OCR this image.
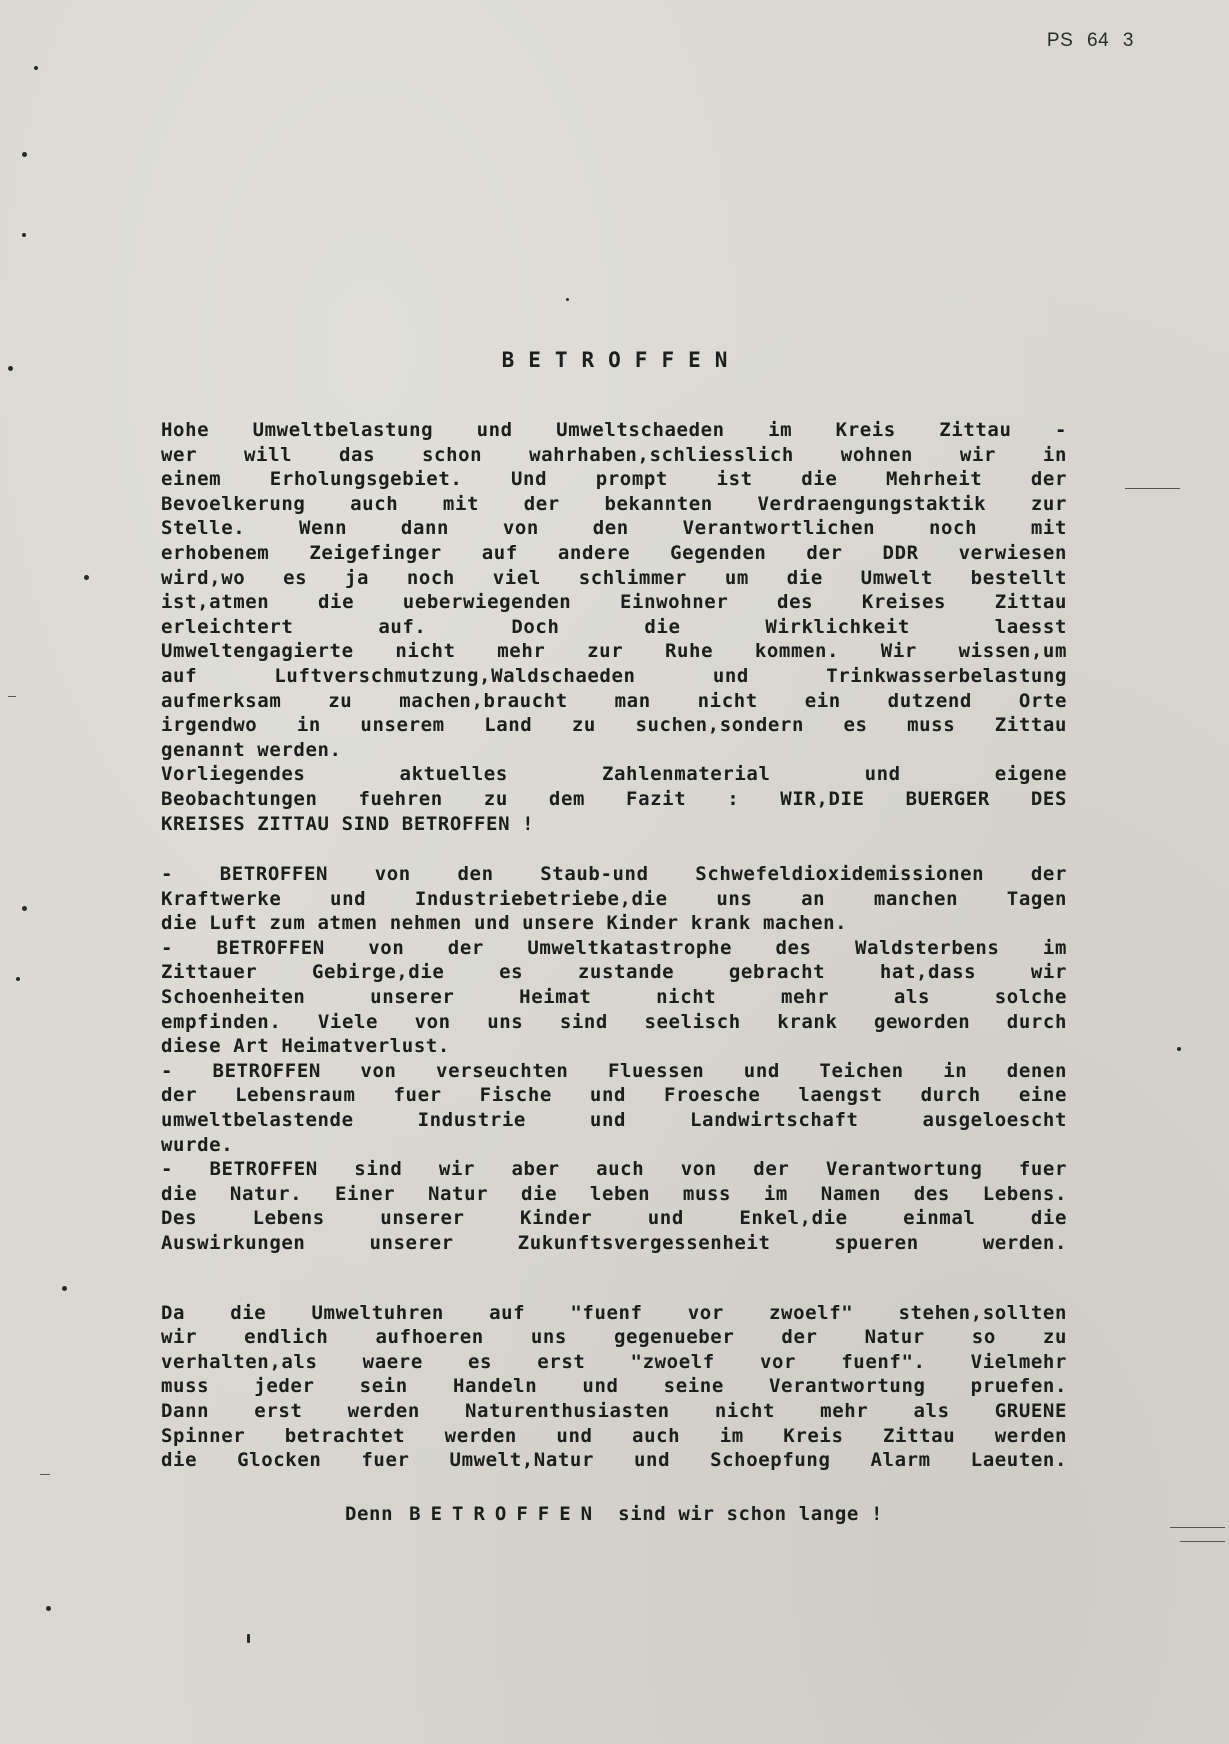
PS 64 3
BETROFFEN
Hohe Umweltbelastung und Umweltschaeden im Kreis Zittau -
wer will das schon wahrhaben,schliesslich wohnen wir in
einem Erholungsgebiet. Und prompt ist die Mehrheit der
Bevoelkerung auch mit der bekannten Verdraengungstaktik zur
Stelle. Wenn dann von den Verantwortlichen noch mit
erhobenem Zeigefinger auf andere Gegenden der DDR verwiesen
wird,wo es ja noch viel schlimmer um die Umwelt bestellt
ist,atmen die ueberwiegenden Einwohner des Kreises Zittau
erleichtert auf. Doch die Wirklichkeit laesst
Umweltengagierte nicht mehr zur Ruhe kommen. Wir wissen,um
auf Luftverschmutzung,Waldschaeden und Trinkwasserbelastung
aufmerksam zu machen,braucht man nicht ein dutzend Orte
irgendwo in unserem Land zu suchen,sondern es muss Zittau
genannt werden.
Vorliegendes aktuelles Zahlenmaterial und eigene
Beobachtungen fuehren zu dem Fazit : WIR,DIE BUERGER DES
KREISES ZITTAU SIND BETROFFEN !
- BETROFFEN von den Staub-und Schwefeldioxidemissionen der
Kraftwerke und Industriebetriebe,die uns an manchen Tagen
die Luft zum atmen nehmen und unsere Kinder krank machen.
- BETROFFEN von der Umweltkatastrophe des Waldsterbens im
Zittauer Gebirge,die es zustande gebracht hat,dass wir
Schoenheiten unserer Heimat nicht mehr als solche
empfinden. Viele von uns sind seelisch krank geworden durch
diese Art Heimatverlust.
- BETROFFEN von verseuchten Fluessen und Teichen in denen
der Lebensraum fuer Fische und Froesche laengst durch eine
umweltbelastende Industrie und Landwirtschaft ausgeloescht
wurde.
- BETROFFEN sind wir aber auch von der Verantwortung fuer
die Natur. Einer Natur die leben muss im Namen des Lebens.
Des Lebens unserer Kinder und Enkel,die einmal die
Auswirkungen unserer Zukunftsvergessenheit spueren werden.
Da die Umweltuhren auf "fuenf vor zwoelf" stehen,sollten
wir endlich aufhoeren uns gegenueber der Natur so zu
verhalten,als waere es erst "zwoelf vor fuenf". Vielmehr
muss jeder sein Handeln und seine Verantwortung pruefen.
Dann erst werden Naturenthusiasten nicht mehr als GRUENE
Spinner betrachtet werden und auch im Kreis Zittau werden
die Glocken fuer Umwelt,Natur und Schoepfung Alarm Laeuten.
Denn BETROFFEN sind wir schon lange !
